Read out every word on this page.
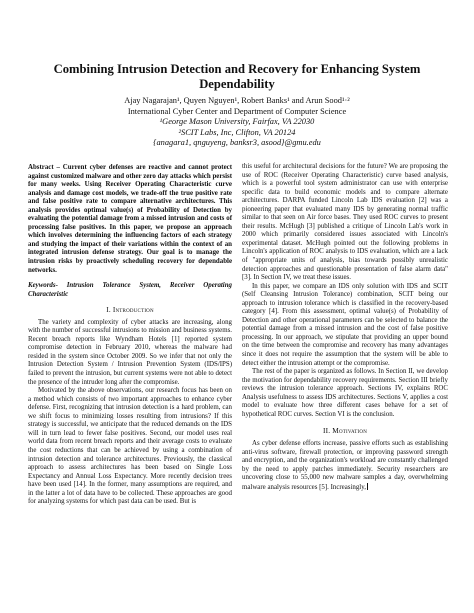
Combining Intrusion Detection and Recovery for Enhancing System Dependability
Ajay Nagarajan¹, Quyen Nguyen¹, Robert Banks¹ and Arun Sood¹·²
International Cyber Center and Department of Computer Science
¹George Mason University, Fairfax, VA 22030
²SCIT Labs, Inc, Clifton, VA 20124
{anagara1, qnguyeng, banksr3, asood}@gmu.edu
Abstract – Current cyber defenses are reactive and cannot protect against customized malware and other zero day attacks which persist for many weeks. Using Receiver Operating Characteristic curve analysis and damage cost models, we trade-off the true positive rate and false positive rate to compare alternative architectures. This analysis provides optimal value(s) of Probability of Detection by evaluating the potential damage from a missed intrusion and costs of processing false positives. In this paper, we propose an approach which involves determining the influencing factors of each strategy and studying the impact of their variations within the context of an integrated intrusion defense strategy. Our goal is to manage the intrusion risks by proactively scheduling recovery for dependable networks.
Keywords- Intrusion Tolerance System, Receiver Operating Characteristic
I. Introduction

The variety and complexity of cyber attacks are increasing, along with the number of successful intrusions to mission and business systems. Recent breach reports like Wyndham Hotels [1] reported system compromise detection in February 2010, whereas the malware had resided in the system since October 2009. So we infer that not only the Intrusion Detection System / Intrusion Prevention System (IDS/IPS) failed to prevent the intrusion, but current systems were not able to detect the presence of the intruder long after the compromise.

Motivated by the above observations, our research focus has been on a method which consists of two important approaches to enhance cyber defense. First, recognizing that intrusion detection is a hard problem, can we shift focus to minimizing losses resulting from intrusions? If this strategy is successful, we anticipate that the reduced demands on the IDS will in turn lead to fewer false positives. Second, our model uses real world data from recent breach reports and their average costs to evaluate the cost reductions that can be achieved by using a combination of intrusion detection and tolerance architectures. Previously, the classical approach to assess architectures has been based on Single Loss Expectancy and Annual Loss Expectancy. More recently decision trees have been used [14]. In the former, many assumptions are required, and in the latter a lot of data have to be collected. These approaches are good for analyzing systems for which past data can be used. But is

this useful for architectural decisions for the future? We are proposing the use of ROC (Receiver Operating Characteristic) curve based analysis, which is a powerful tool system administrator can use with enterprise specific data to build economic models and to compare alternate architectures. DARPA funded Lincoln Lab IDS evaluation [2] was a pioneering paper that evaluated many IDS by generating normal traffic similar to that seen on Air force bases. They used ROC curves to present their results. McHugh [3] published a critique of Lincoln Lab's work in 2000 which primarily considered issues associated with Lincoln's experimental dataset. McHugh pointed out the following problems in Lincoln's application of ROC analysis to IDS evaluation, which are a lack of "appropriate units of analysis, bias towards possibly unrealistic detection approaches and questionable presentation of false alarm data" [3]. In Section IV, we treat these issues.

In this paper, we compare an IDS only solution with IDS and SCIT (Self Cleansing Intrusion Tolerance) combination, SCIT being our approach to intrusion tolerance which is classified in the recovery-based category [4]. From this assessment, optimal value(s) of Probability of Detection and other operational parameters can be selected to balance the potential damage from a missed intrusion and the cost of false positive processing. In our approach, we stipulate that providing an upper bound on the time between the compromise and recovery has many advantages since it does not require the assumption that the system will be able to detect either the intrusion attempt or the compromise.

The rest of the paper is organized as follows. In Section II, we develop the motivation for dependability recovery requirements. Section III briefly reviews the intrusion tolerance approach. Sections IV, explains ROC Analysis usefulness to assess IDS architectures. Sections V, applies a cost model to evaluate how three different cases behave for a set of hypothetical ROC curves. Section VI is the conclusion.

II. Motivation

As cyber defense efforts increase, passive efforts such as establishing anti-virus software, firewall protection, or improving password strength and encryption, and the organization's workload are constantly challenged by the need to apply patches immediately. Security researchers are uncovering close to 55,000 new malware samples a day, overwhelming malware analysis resources [5]. Increasingly,
